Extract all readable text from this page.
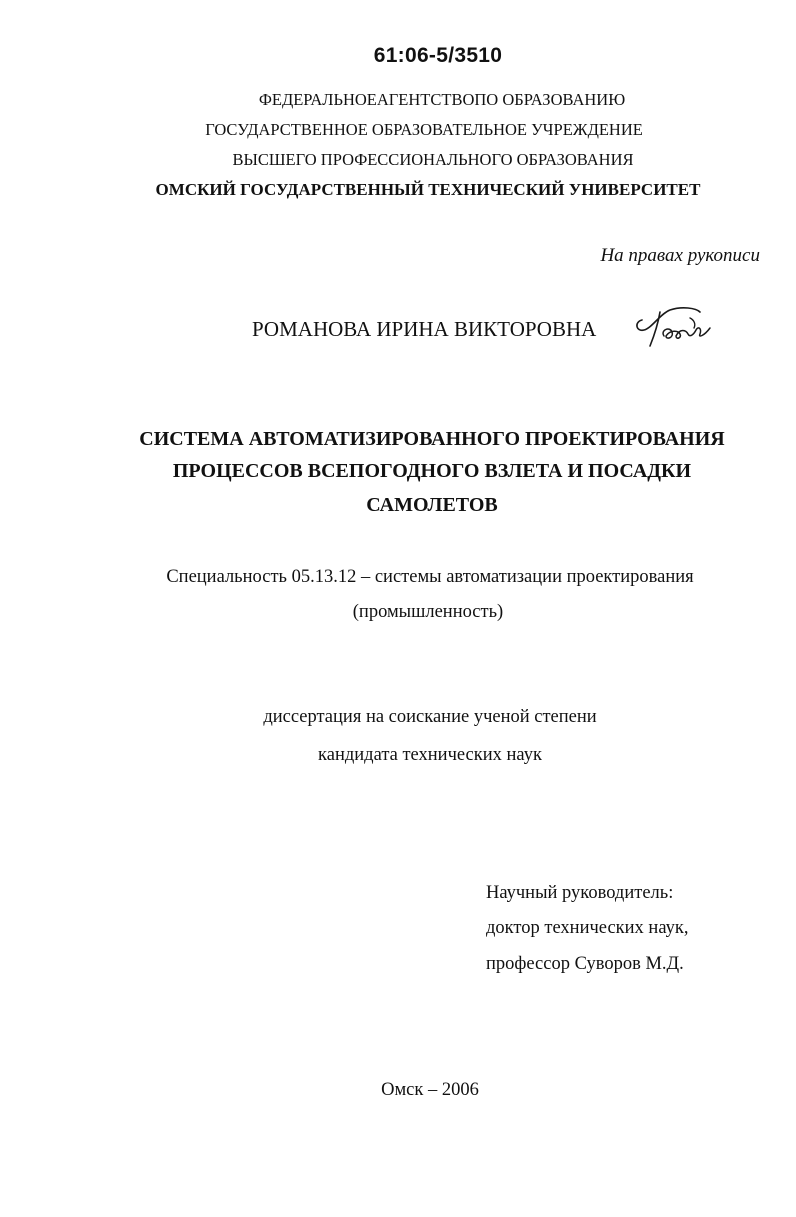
61:06-5/3510
ФЕДЕРАЛЬНОЕАГЕНТСТВОПО ОБРАЗОВАНИЮ
ГОСУДАРСТВЕННОЕ ОБРАЗОВАТЕЛЬНОЕ УЧРЕЖДЕНИЕ
ВЫСШЕГО ПРОФЕССИОНАЛЬНОГО ОБРАЗОВАНИЯ
ОМСКИЙ ГОСУДАРСТВЕННЫЙ ТЕХНИЧЕСКИЙ УНИВЕРСИТЕТ
На правах рукописи
РОМАНОВА ИРИНА ВИКТОРОВНА
СИСТЕМА АВТОМАТИЗИРОВАННОГО ПРОЕКТИРОВАНИЯ
ПРОЦЕССОВ ВСЕПОГОДНОГО ВЗЛЕТА И ПОСАДКИ
САМОЛЕТОВ
Специальность 05.13.12 – системы автоматизации проектирования
(промышленность)
диссертация на соискание ученой степени
кандидата технических наук
Научный руководитель:
доктор технических наук,
профессор Суворов М.Д.
Омск – 2006
